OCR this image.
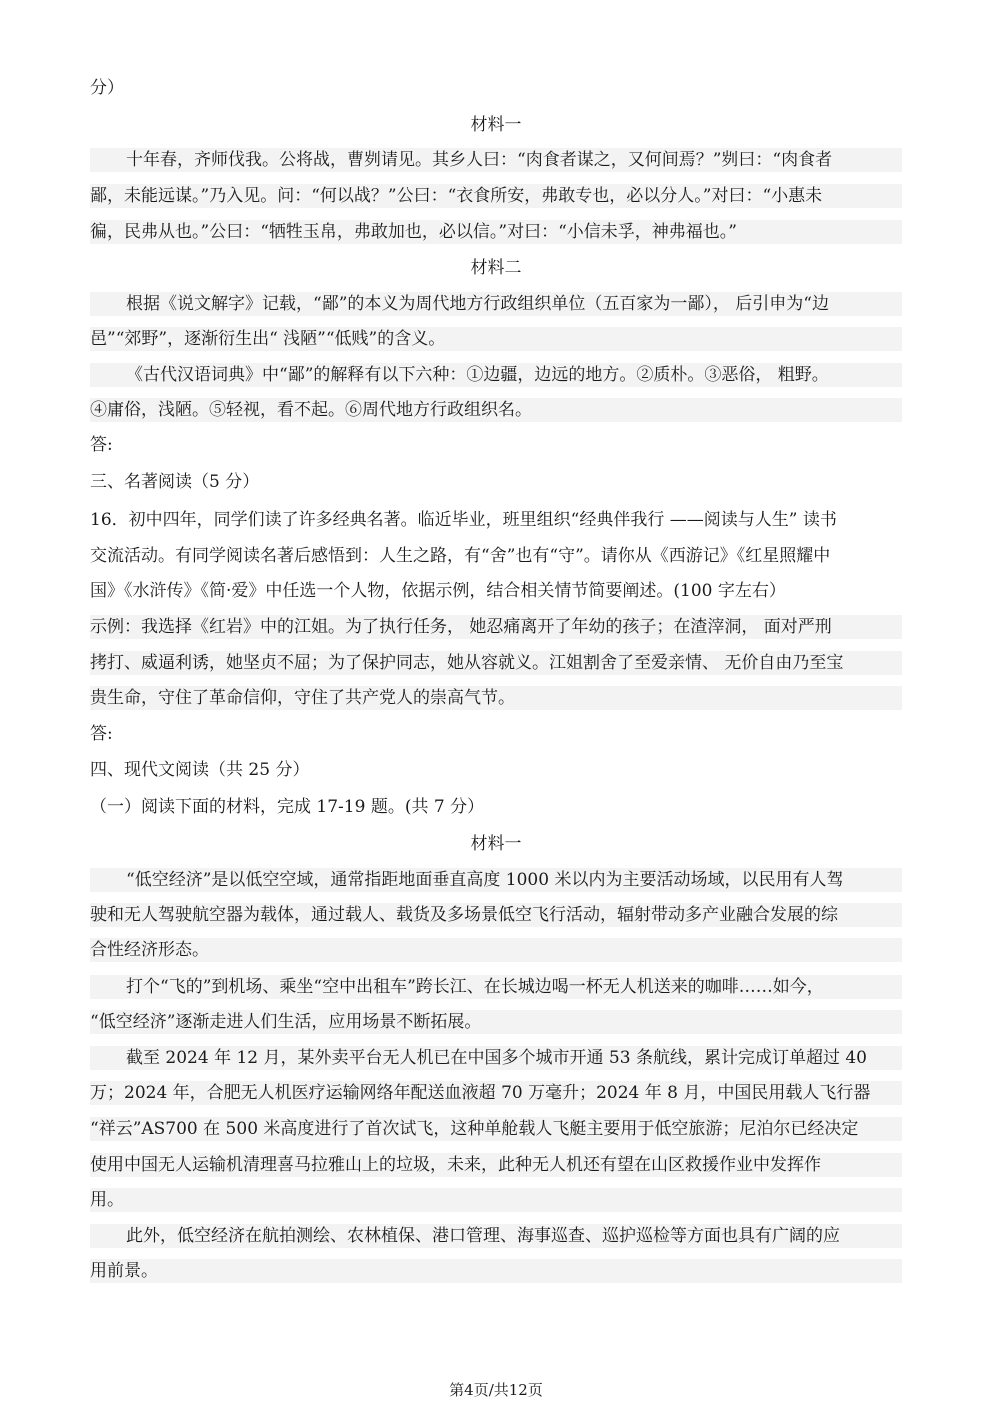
分）
材料一
十年春，齐师伐我。公将战，曹刿请见。其乡人曰：“肉食者谋之，又何间焉？”刿曰：“肉食者
鄙，未能远谋。”乃入见。问：“何以战？”公曰：“衣食所安，弗敢专也，必以分人。”对曰：“小惠未
徧，民弗从也。”公曰：“牺牲玉帛，弗敢加也，必以信。”对曰：“小信未孚，神弗福也。”
材料二
根据《说文解字》记载，“鄙”的本义为周代地方行政组织单位（五百家为一鄙）， 后引申为“边
邑”“郊野”，逐渐衍生出“ 浅陋”“低贱”的含义。
《古代汉语词典》中“鄙”的解释有以下六种：①边疆，边远的地方。②质朴。③恶俗， 粗野。
④庸俗，浅陋。⑤轻视，看不起。⑥周代地方行政组织名。
答:
三、名著阅读（5 分）
16．初中四年，同学们读了许多经典名著。临近毕业，班里组织“经典伴我行 ——阅读与人生” 读书
交流活动。有同学阅读名著后感悟到：人生之路，有“舍”也有“守”。请你从《西游记》《红星照耀中
国》《水浒传》《简·爱》中任选一个人物，依据示例，结合相关情节简要阐述。(100 字左右）
示例：我选择《红岩》中的江姐。为了执行任务， 她忍痛离开了年幼的孩子；在渣滓洞， 面对严刑
拷打、威逼利诱，她坚贞不屈；为了保护同志，她从容就义。江姐割舍了至爱亲情、 无价自由乃至宝
贵生命，守住了革命信仰，守住了共产党人的崇高气节。
答:
四、现代文阅读（共 25 分）
（一）阅读下面的材料，完成 17-19 题。(共 7 分）
材料一
“低空经济”是以低空空域，通常指距地面垂直高度 1000 米以内为主要活动场域，以民用有人驾
驶和无人驾驶航空器为载体，通过载人、载货及多场景低空飞行活动，辐射带动多产业融合发展的综
合性经济形态。
打个“飞的”到机场、乘坐“空中出租车”跨长江、在长城边喝一杯无人机送来的咖啡……如今，
“低空经济”逐渐走进人们生活，应用场景不断拓展。
截至 2024 年 12 月，某外卖平台无人机已在中国多个城市开通 53 条航线，累计完成订单超过 40
万；2024 年，合肥无人机医疗运输网络年配送血液超 70 万毫升；2024 年 8 月，中国民用载人飞行器
“祥云”AS700 在 500 米高度进行了首次试飞，这种单舱载人飞艇主要用于低空旅游；尼泊尔已经决定
使用中国无人运输机清理喜马拉雅山上的垃圾，未来，此种无人机还有望在山区救援作业中发挥作
用。
此外，低空经济在航拍测绘、农林植保、港口管理、海事巡查、巡护巡检等方面也具有广阔的应
用前景。
第4页/共12页
